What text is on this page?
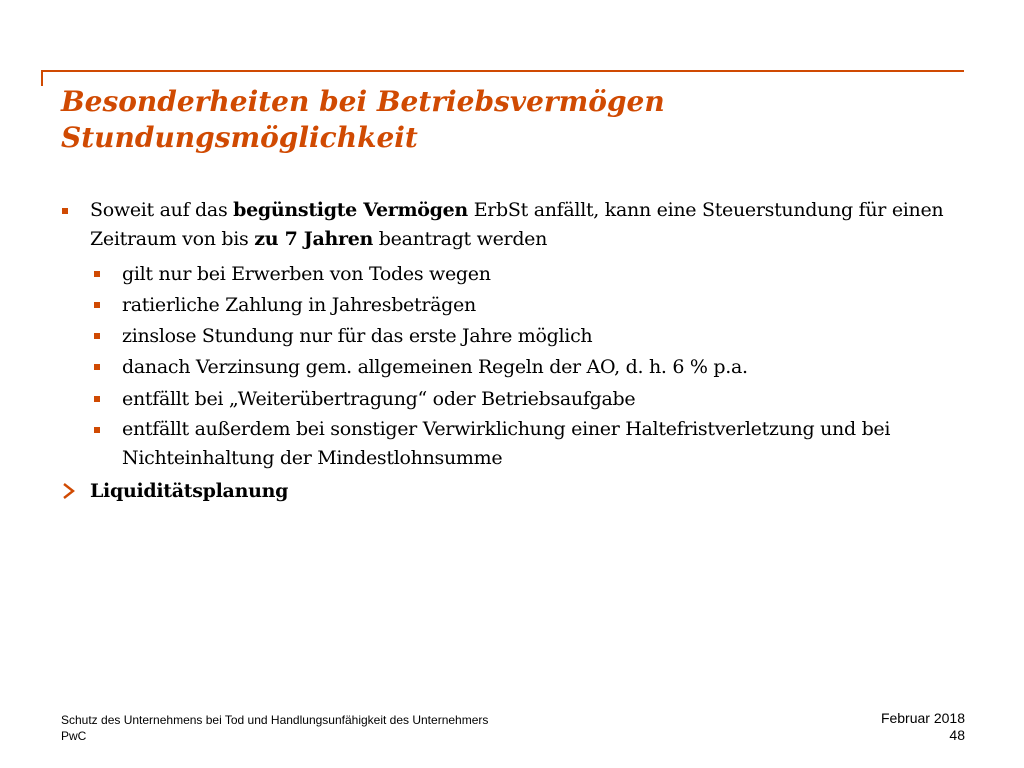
Besonderheiten bei Betriebsvermögen
Stundungsmöglichkeit
Soweit auf das begünstigte Vermögen ErbSt anfällt, kann eine Steuerstundung für einen Zeitraum von bis zu 7 Jahren beantragt werden
gilt nur bei Erwerben von Todes wegen
ratierliche Zahlung in Jahresbeträgen
zinslose Stundung nur für das erste Jahre möglich
danach Verzinsung gem. allgemeinen Regeln der AO, d. h. 6 % p.a.
entfällt bei „Weiterübertragung“ oder Betriebsaufgabe
entfällt außerdem bei sonstiger Verwirklichung einer Haltefristverletzung und bei Nichteinhaltung der Mindestlohnsumme
Liquiditätsplanung
Schutz des Unternehmens bei Tod und Handlungsunfähigkeit des Unternehmers
PwC
Februar 2018
48
